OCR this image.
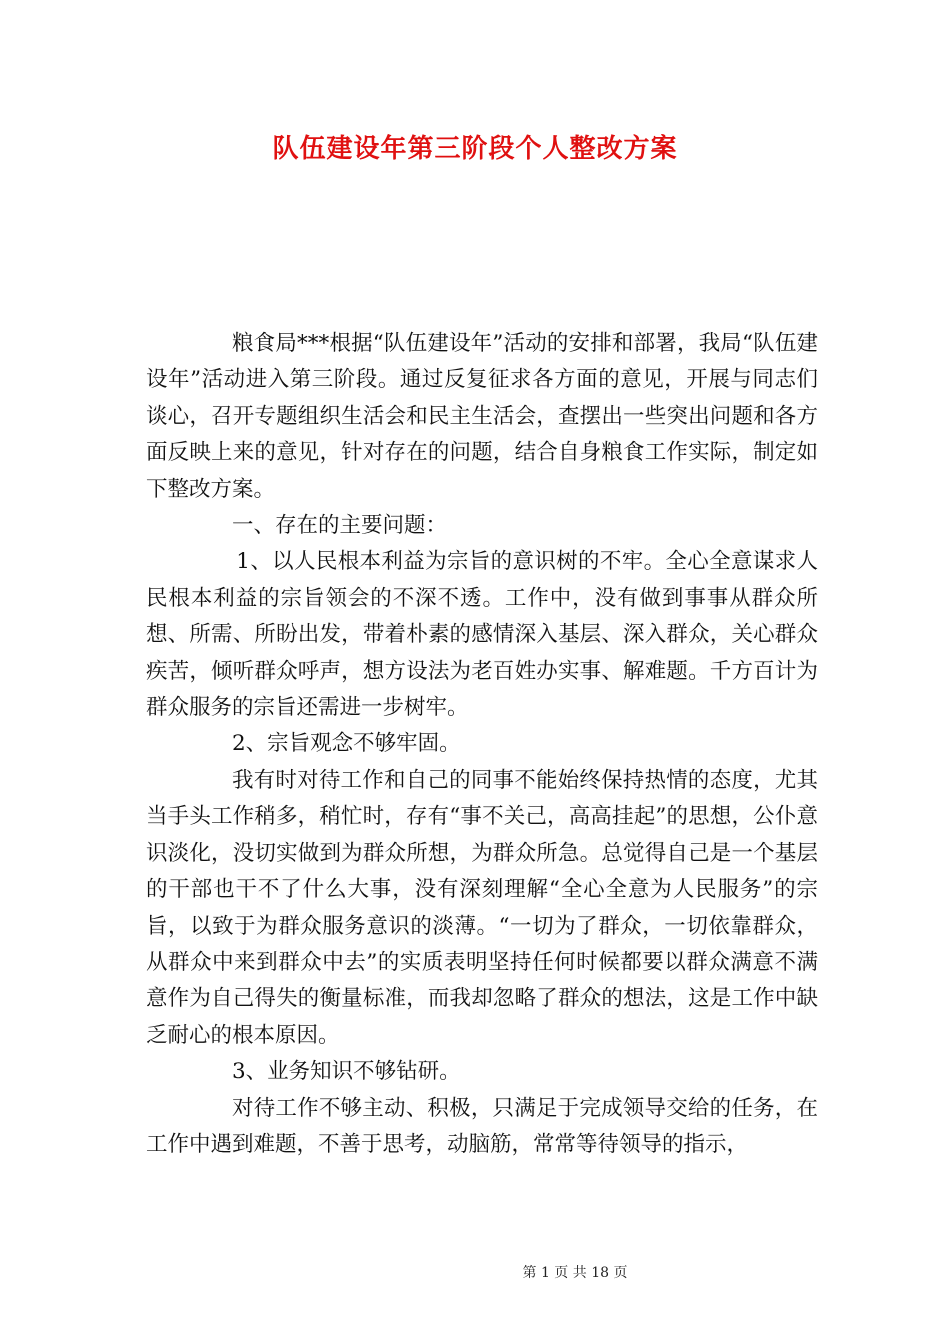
队伍建设年第三阶段个人整改方案

粮食局***根据“队伍建设年”活动的安排和部署，我局“队伍建设年”活动进入第三阶段。通过反复征求各方面的意见，开展与同志们谈心，召开专题组织生活会和民主生活会，查摆出一些突出问题和各方面反映上来的意见，针对存在的问题，结合自身粮食工作实际，制定如下整改方案。

一、存在的主要问题：

1、以人民根本利益为宗旨的意识树的不牢。全心全意谋求人民根本利益的宗旨领会的不深不透。工作中，没有做到事事从群众所想、所需、所盼出发，带着朴素的感情深入基层、深入群众，关心群众疾苦，倾听群众呼声，想方设法为老百姓办实事、解难题。千方百计为群众服务的宗旨还需进一步树牢。

2、宗旨观念不够牢固。

我有时对待工作和自己的同事不能始终保持热情的态度，尤其当手头工作稍多，稍忙时，存有“事不关己，高高挂起”的思想，公仆意识淡化，没切实做到为群众所想，为群众所急。总觉得自己是一个基层的干部也干不了什么大事，没有深刻理解“全心全意为人民服务”的宗旨，以致于为群众服务意识的淡薄。“一切为了群众，一切依靠群众，从群众中来到群众中去”的实质表明坚持任何时候都要以群众满意不满意作为自己得失的衡量标准，而我却忽略了群众的想法，这是工作中缺乏耐心的根本原因。

3、业务知识不够钻研。

对待工作不够主动、积极，只满足于完成领导交给的任务，在工作中遇到难题，不善于思考，动脑筋，常常等待领导的指示，

第 1 页 共 18 页
